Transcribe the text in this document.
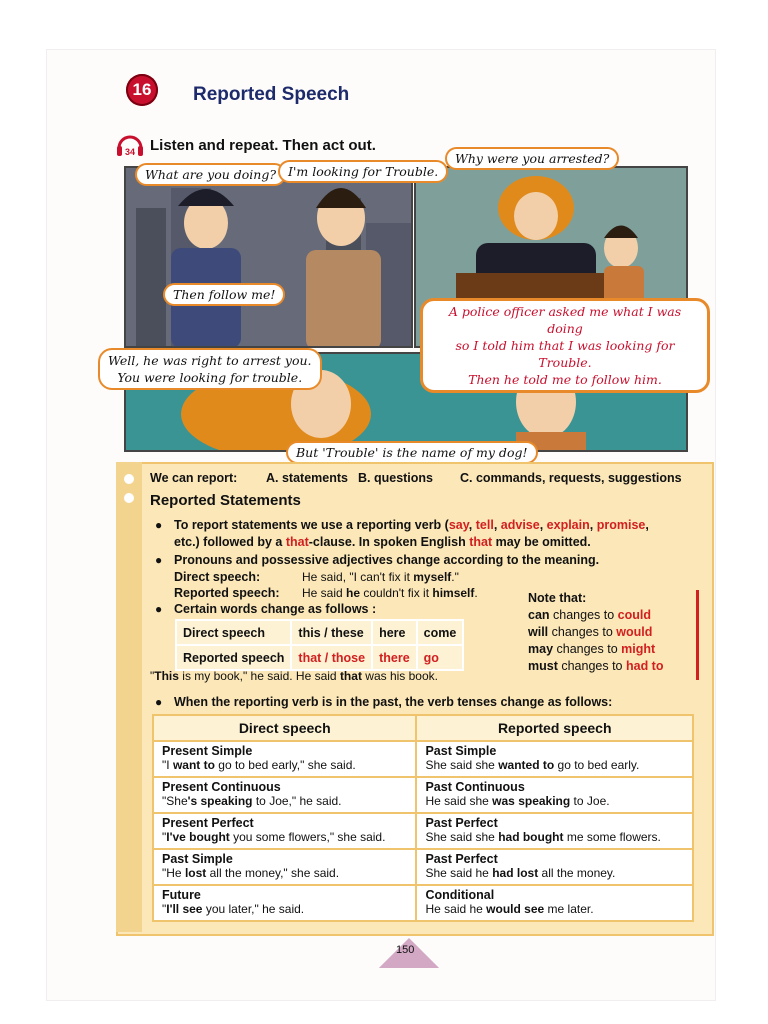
16	Reported Speech
34 Listen and repeat. Then act out.
What are you doing? I'm looking for Trouble.
Then follow me!
Why were you arrested?
A police officer asked me what I was doing
so I told him that I was looking for Trouble.
Then he told me to follow him.
Well, he was right to arrest you.
You were looking for trouble.
But 'Trouble' is the name of my dog!
We can report: A. statements B. questions C. commands, requests, suggestions
Reported Statements
● To report statements we use a reporting verb (say, tell, advise, explain, promise,
etc.) followed by a that-clause. In spoken English that may be omitted.
● Pronouns and possessive adjectives change according to the meaning.
Direct speech:	He said, "I can't fix it myself."
Reported speech: He said he couldn't fix it himself.
● Certain words change as follows :
Direct speech	this / these	here	come
Reported speech	that / those	there	go
"This is my book," he said. He said that was his book.
Note that:
can changes to could
will changes to would
may changes to might
must changes to had to
● When the reporting verb is in the past, the verb tenses change as follows:
Direct speech	Reported speech

Present Simple
"I want to go to bed early," she said.	Past Simple
She said she wanted to go to bed early.

Present Continuous
"She's speaking to Joe," he said.	Past Continuous
He said she was speaking to Joe.

Present Perfect
"I've bought you some flowers," she said.	Past Perfect
She said she had bought me some flowers.

Past Simple
"He lost all the money," she said.	Past Perfect
She said he had lost all the money.

Future
"I'll see you later," he said.	Conditional
He said he would see me later.
150
